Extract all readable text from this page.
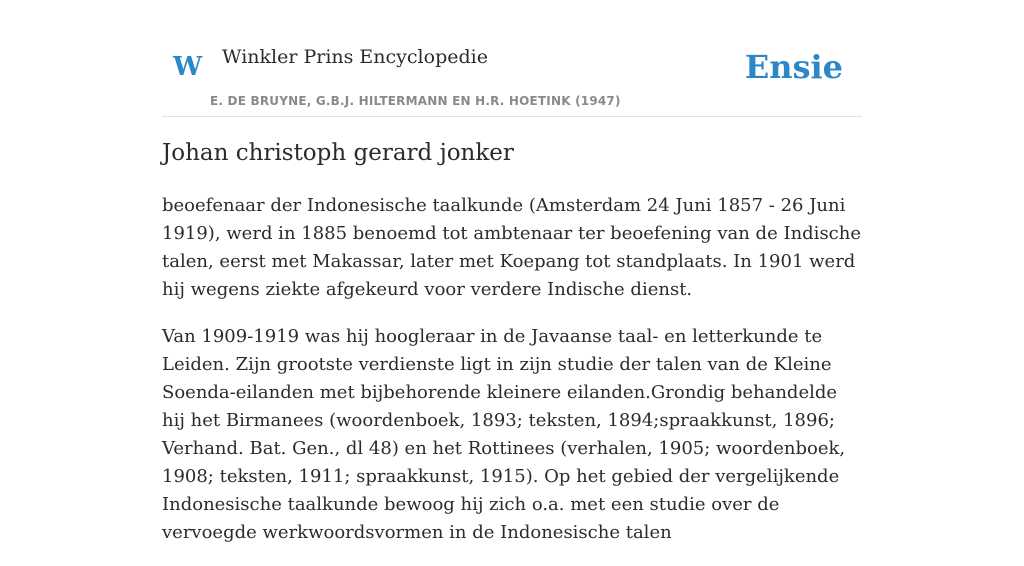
W Winkler Prins Encyclopedie
E. DE BRUYNE, G.B.J. HILTERMANN EN H.R. HOETINK (1947)
Ensie
Johan christoph gerard jonker

beoefenaar der Indonesische taalkunde (Amsterdam 24 Juni 1857 - 26 Juni 1919), werd in 1885 benoemd tot ambtenaar ter beoefening van de Indische talen, eerst met Makassar, later met Koepang tot standplaats. In 1901 werd hij wegens ziekte afgekeurd voor verdere Indische dienst.

Van 1909-1919 was hij hoogleraar in de Javaanse taal- en letterkunde te Leiden. Zijn grootste verdienste ligt in zijn studie der talen van de Kleine Soenda-eilanden met bijbehorende kleinere eilanden.Grondig behandelde hij het Birmanees (woordenboek, 1893; teksten, 1894;spraakkunst, 1896; Verhand. Bat. Gen., dl 48) en het Rottinees (verhalen, 1905; woordenboek, 1908; teksten, 1911; spraakkunst, 1915). Op het gebied der vergelijkende Indonesische taalkunde bewoog hij zich o.a. met een studie over de vervoegde werkwoordsvormen in de Indonesische talen
